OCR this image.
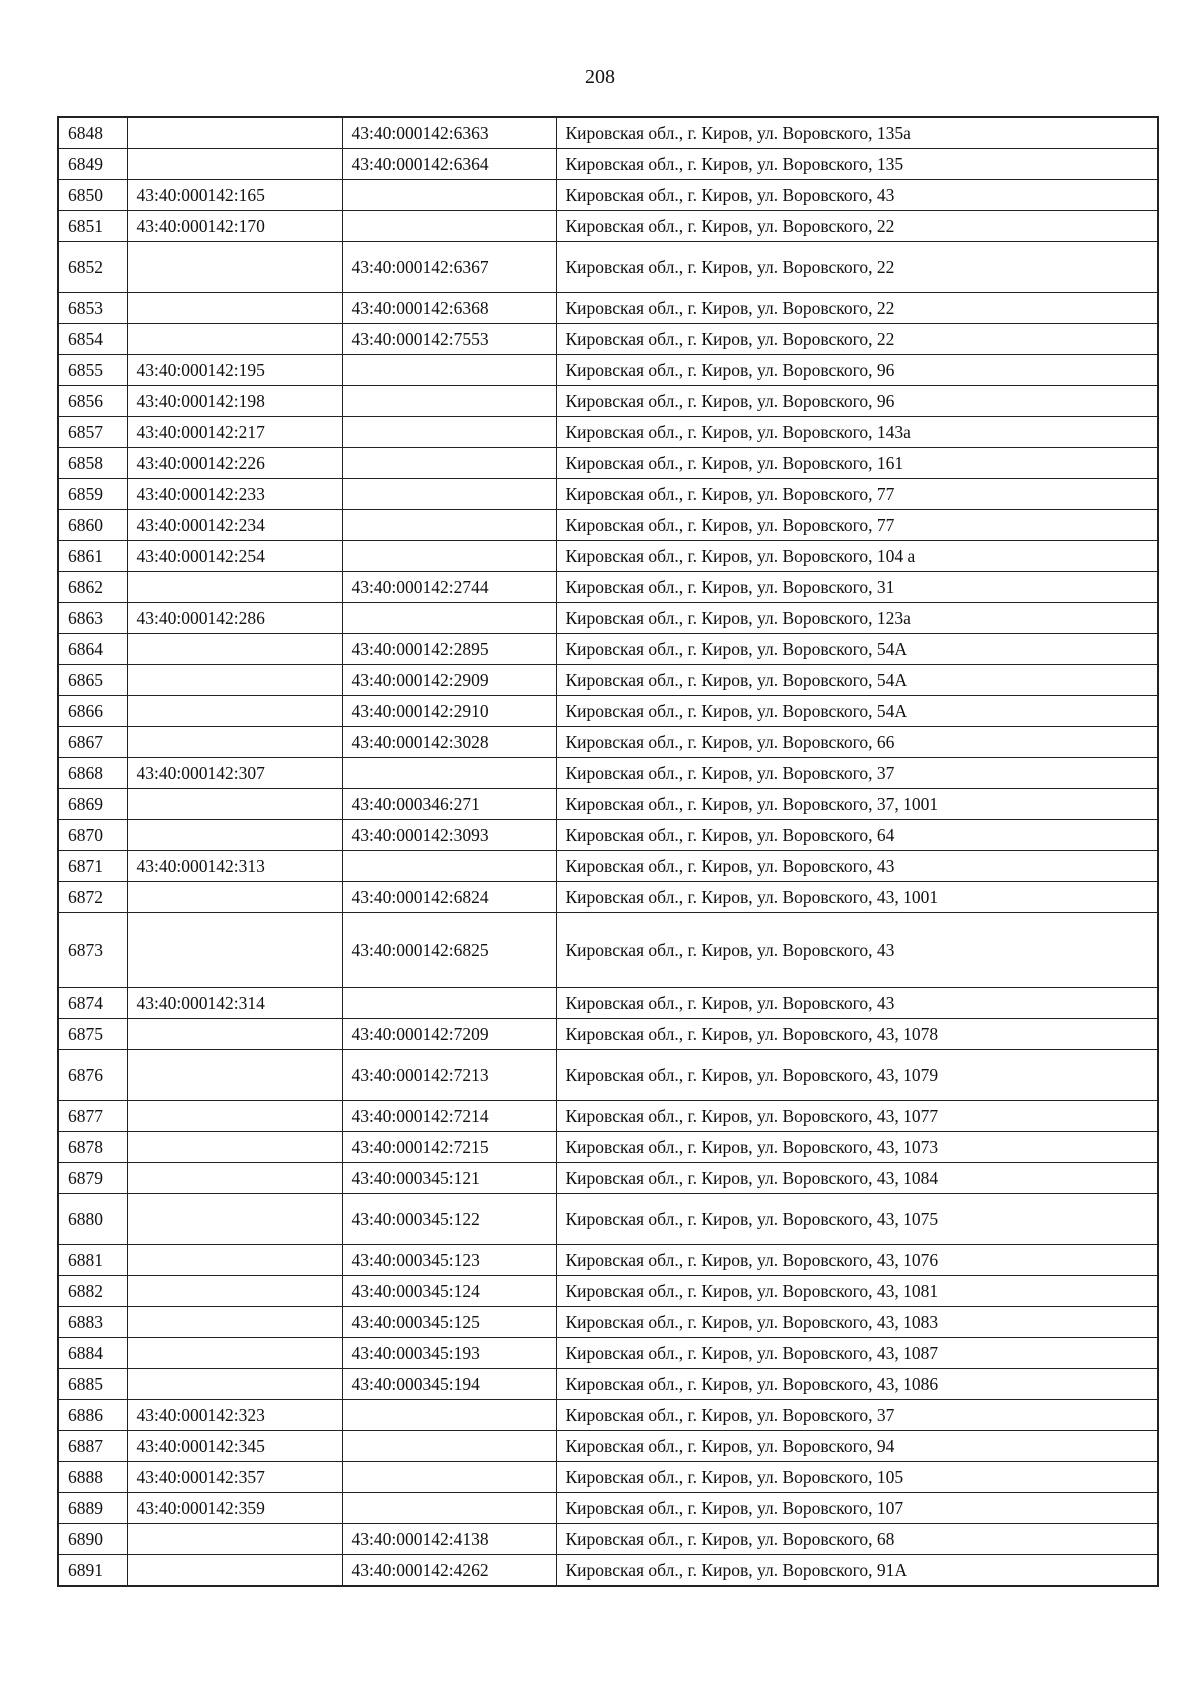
208
6848		43:40:000142:6363	Кировская обл., г. Киров, ул. Воровского, 135а
6849		43:40:000142:6364	Кировская обл., г. Киров, ул. Воровского, 135
6850	43:40:000142:165		Кировская обл., г. Киров, ул. Воровского, 43
6851	43:40:000142:170		Кировская обл., г. Киров, ул. Воровского, 22
6852		43:40:000142:6367	Кировская обл., г. Киров, ул. Воровского, 22
6853		43:40:000142:6368	Кировская обл., г. Киров, ул. Воровского, 22
6854		43:40:000142:7553	Кировская обл., г. Киров, ул. Воровского, 22
6855	43:40:000142:195		Кировская обл., г. Киров, ул. Воровского, 96
6856	43:40:000142:198		Кировская обл., г. Киров, ул. Воровского, 96
6857	43:40:000142:217		Кировская обл., г. Киров, ул. Воровского, 143а
6858	43:40:000142:226		Кировская обл., г. Киров, ул. Воровского, 161
6859	43:40:000142:233		Кировская обл., г. Киров, ул. Воровского, 77
6860	43:40:000142:234		Кировская обл., г. Киров, ул. Воровского, 77
6861	43:40:000142:254		Кировская обл., г. Киров, ул. Воровского, 104 а
6862		43:40:000142:2744	Кировская обл., г. Киров, ул. Воровского, 31
6863	43:40:000142:286		Кировская обл., г. Киров, ул. Воровского, 123а
6864		43:40:000142:2895	Кировская обл., г. Киров, ул. Воровского, 54А
6865		43:40:000142:2909	Кировская обл., г. Киров, ул. Воровского, 54А
6866		43:40:000142:2910	Кировская обл., г. Киров, ул. Воровского, 54А
6867		43:40:000142:3028	Кировская обл., г. Киров, ул. Воровского, 66
6868	43:40:000142:307		Кировская обл., г. Киров, ул. Воровского, 37
6869		43:40:000346:271	Кировская обл., г. Киров, ул. Воровского, 37, 1001
6870		43:40:000142:3093	Кировская обл., г. Киров, ул. Воровского, 64
6871	43:40:000142:313		Кировская обл., г. Киров, ул. Воровского, 43
6872		43:40:000142:6824	Кировская обл., г. Киров, ул. Воровского, 43, 1001
6873		43:40:000142:6825	Кировская обл., г. Киров, ул. Воровского, 43
6874	43:40:000142:314		Кировская обл., г. Киров, ул. Воровского, 43
6875		43:40:000142:7209	Кировская обл., г. Киров, ул. Воровского, 43, 1078
6876		43:40:000142:7213	Кировская обл., г. Киров, ул. Воровского, 43, 1079
6877		43:40:000142:7214	Кировская обл., г. Киров, ул. Воровского, 43, 1077
6878		43:40:000142:7215	Кировская обл., г. Киров, ул. Воровского, 43, 1073
6879		43:40:000345:121	Кировская обл., г. Киров, ул. Воровского, 43, 1084
6880		43:40:000345:122	Кировская обл., г. Киров, ул. Воровского, 43, 1075
6881		43:40:000345:123	Кировская обл., г. Киров, ул. Воровского, 43, 1076
6882		43:40:000345:124	Кировская обл., г. Киров, ул. Воровского, 43, 1081
6883		43:40:000345:125	Кировская обл., г. Киров, ул. Воровского, 43, 1083
6884		43:40:000345:193	Кировская обл., г. Киров, ул. Воровского, 43, 1087
6885		43:40:000345:194	Кировская обл., г. Киров, ул. Воровского, 43, 1086
6886	43:40:000142:323		Кировская обл., г. Киров, ул. Воровского, 37
6887	43:40:000142:345		Кировская обл., г. Киров, ул. Воровского, 94
6888	43:40:000142:357		Кировская обл., г. Киров, ул. Воровского, 105
6889	43:40:000142:359		Кировская обл., г. Киров, ул. Воровского, 107
6890		43:40:000142:4138	Кировская обл., г. Киров, ул. Воровского, 68
6891		43:40:000142:4262	Кировская обл., г. Киров, ул. Воровского, 91А
